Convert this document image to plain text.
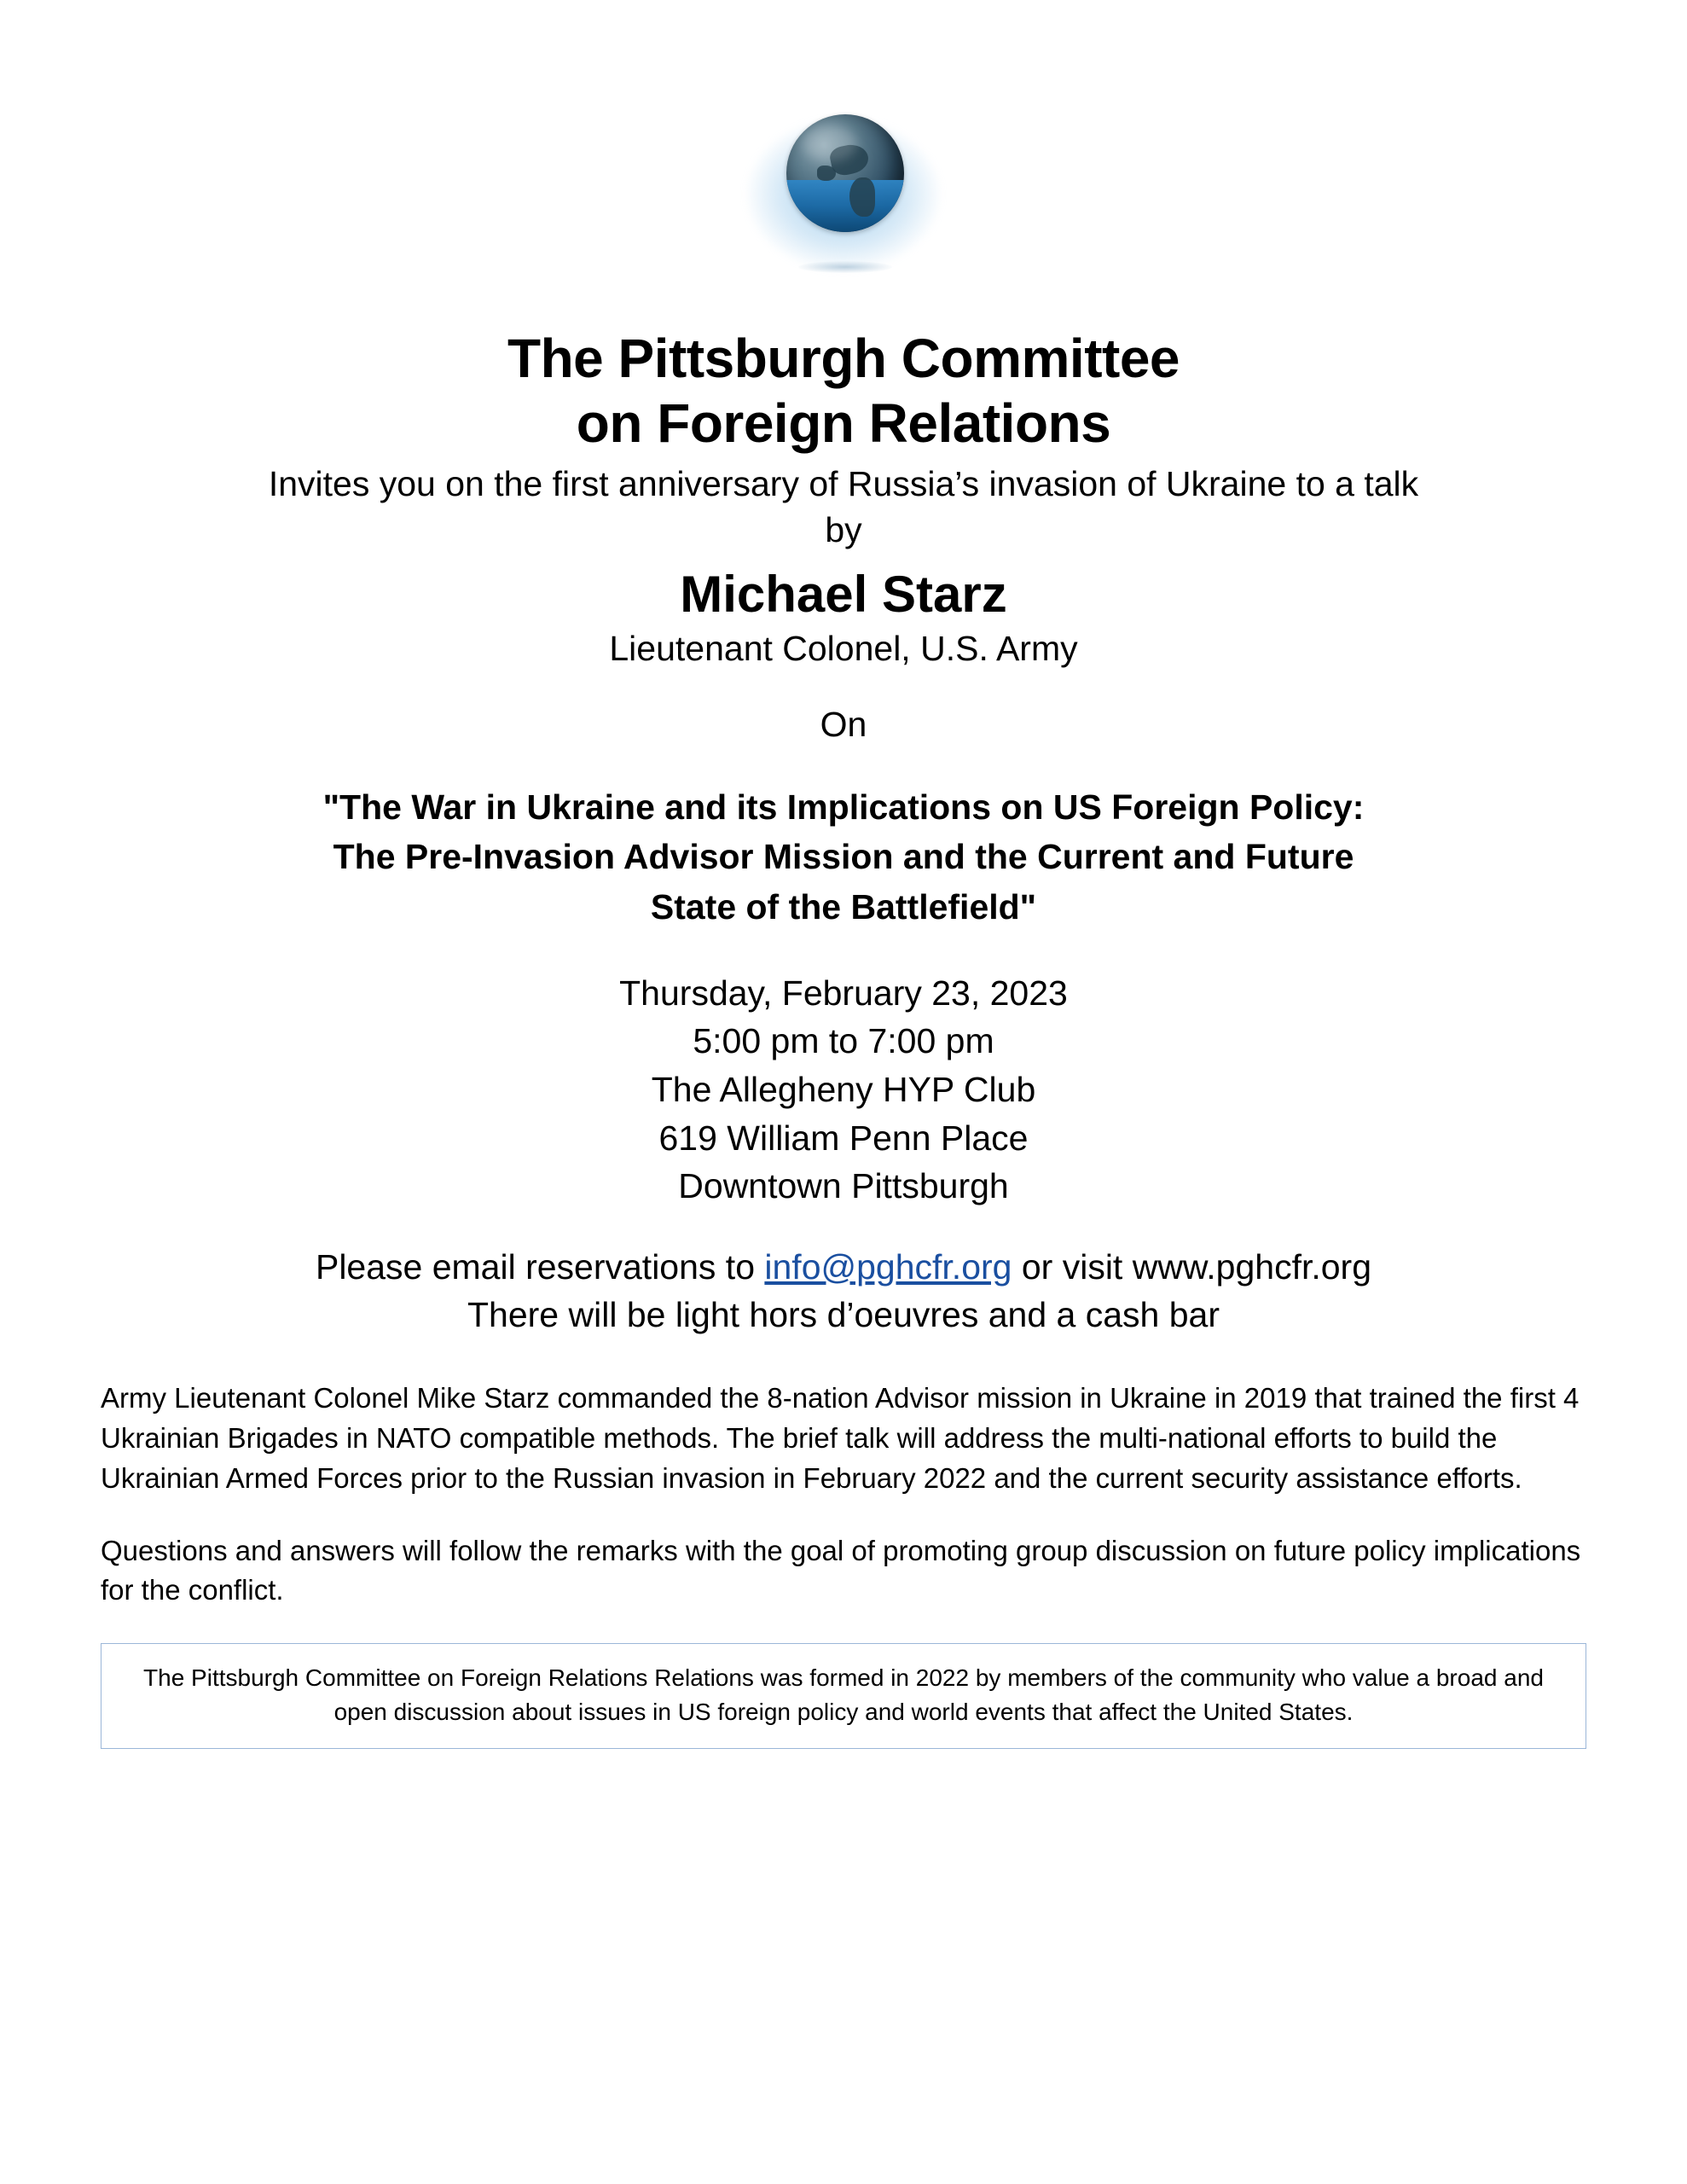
The Pittsburgh Committee
on Foreign Relations

Invites you on the first anniversary of Russia’s invasion of Ukraine to a talk

by

Michael Starz

Lieutenant Colonel, U.S. Army

On

"The War in Ukraine and its Implications on US Foreign Policy:
The Pre-Invasion Advisor Mission and the Current and Future
State of the Battlefield"
Thursday, February 23, 2023
5:00 pm to 7:00 pm
The Allegheny HYP Club
619 William Penn Place
Downtown Pittsburgh
Please email reservations to info@pghcfr.org or visit www.pghcfr.org
There will be light hors d’oeuvres and a cash bar

Army Lieutenant Colonel Mike Starz commanded the 8-nation Advisor mission in Ukraine in 2019 that trained the first 4 Ukrainian Brigades in NATO compatible methods. The brief talk will address the multi-national efforts to build the Ukrainian Armed Forces prior to the Russian invasion in February 2022 and the current security assistance efforts.

Questions and answers will follow the remarks with the goal of promoting group discussion on future policy implications for the conflict.

The Pittsburgh Committee on Foreign Relations Relations was formed in 2022 by members of the community who value a broad and open discussion about issues in US foreign policy and world events that affect the United States.
